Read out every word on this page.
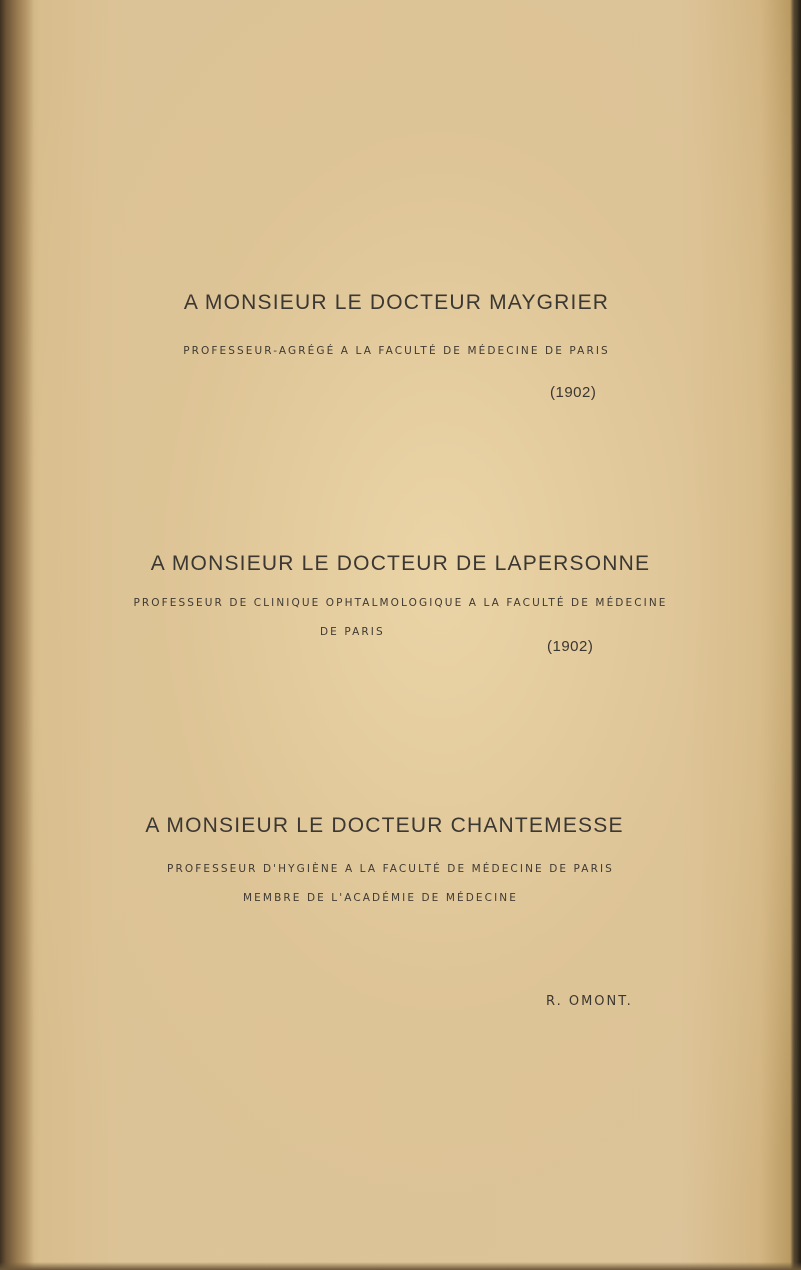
A MONSIEUR LE DOCTEUR MAYGRIER
PROFESSEUR-AGRÉGÉ A LA FACULTÉ DE MÉDECINE DE PARIS
(1902)
A MONSIEUR LE DOCTEUR DE LAPERSONNE
PROFESSEUR DE CLINIQUE OPHTALMOLOGIQUE A LA FACULTÉ DE MÉDECINE
DE PARIS
(1902)
A MONSIEUR LE DOCTEUR CHANTEMESSE
PROFESSEUR D'HYGIÈNE A LA FACULTÉ DE MÉDECINE DE PARIS
MEMBRE DE L'ACADÉMIE DE MÉDECINE
R. OMONT.
